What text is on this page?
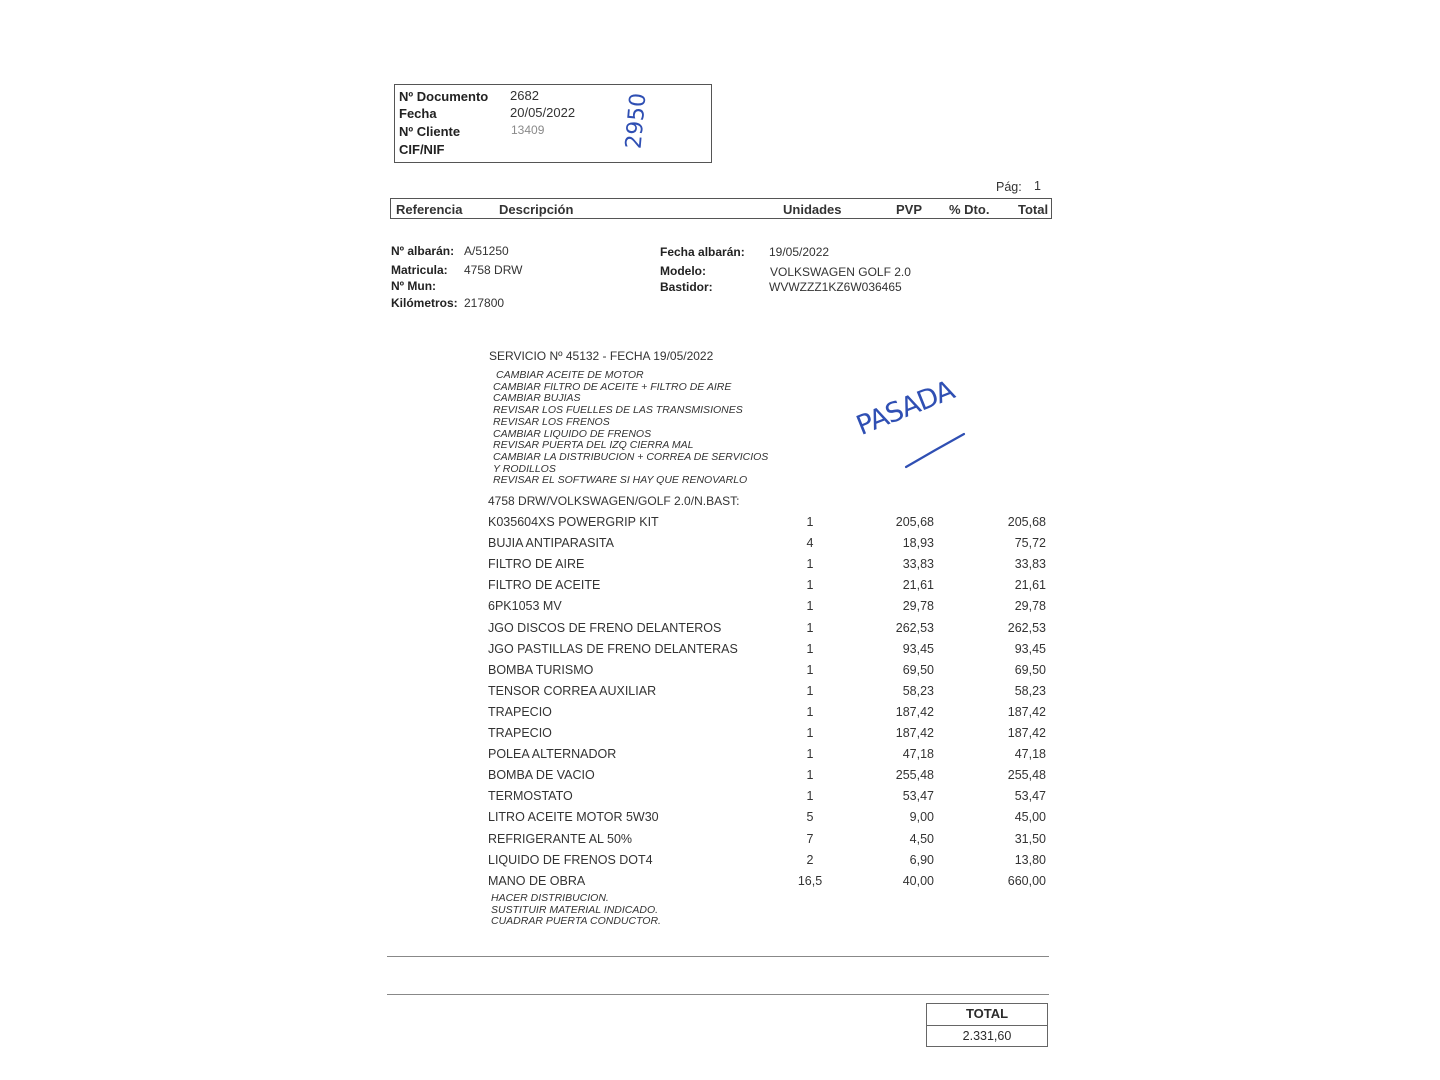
Nº Documento 2682
Fecha	20/05/2022
Nº Cliente	13409
CIF/NIF	2950
Pág: 1
Referencia	Descripción	Unidades	PVP % Dto. Total
Nº albarán: A/51250
Matricula: 4758 DRW
Nº Mun:
Kilómetros: 217800
Fecha albarán: 19/05/2022
Modelo:	VOLKSWAGEN GOLF 2.0
Bastidor:	WVWZZZ1KZ6W036465
SERVICIO Nº 45132 - FECHA 19/05/2022
CAMBIAR ACEITE DE MOTOR
CAMBIAR FILTRO DE ACEITE + FILTRO DE AIRE
CAMBIAR BUJIAS
REVISAR LOS FUELLES DE LAS TRANSMISIONES
REVISAR LOS FRENOS
CAMBIAR LIQUIDO DE FRENOS
REVISAR PUERTA DEL IZQ CIERRA MAL
CAMBIAR LA DISTRIBUCION + CORREA DE SERVICIOS
Y RODILLOS
REVISAR EL SOFTWARE SI HAY QUE RENOVARLO
4758 DRW/VOLKSWAGEN/GOLF 2.0/N.BAST:
PASADA
K035604XS POWERGRIP KIT	1	205,68	205,68
BUJIA ANTIPARASITA	4	18,93	75,72
FILTRO DE AIRE	1	33,83	33,83
FILTRO DE ACEITE	1	21,61	21,61
6PK1053 MV	1	29,78	29,78
JGO DISCOS DE FRENO DELANTEROS	1	262,53	262,53
JGO PASTILLAS DE FRENO DELANTERAS	1	93,45	93,45
BOMBA TURISMO	1	69,50	69,50
TENSOR CORREA AUXILIAR	1	58,23	58,23
TRAPECIO	1	187,42	187,42
TRAPECIO	1	187,42	187,42
POLEA ALTERNADOR	1	47,18	47,18
BOMBA DE VACIO	1	255,48	255,48
TERMOSTATO	1	53,47	53,47
LITRO ACEITE MOTOR 5W30	5	9,00	45,00
REFRIGERANTE AL 50%	7	4,50	31,50
LIQUIDO DE FRENOS DOT4	2	6,90	13,80
MANO DE OBRA	16,5	40,00	660,00
HACER DISTRIBUCION.
SUSTITUIR MATERIAL INDICADO.
CUADRAR PUERTA CONDUCTOR.
TOTAL
2.331,60
